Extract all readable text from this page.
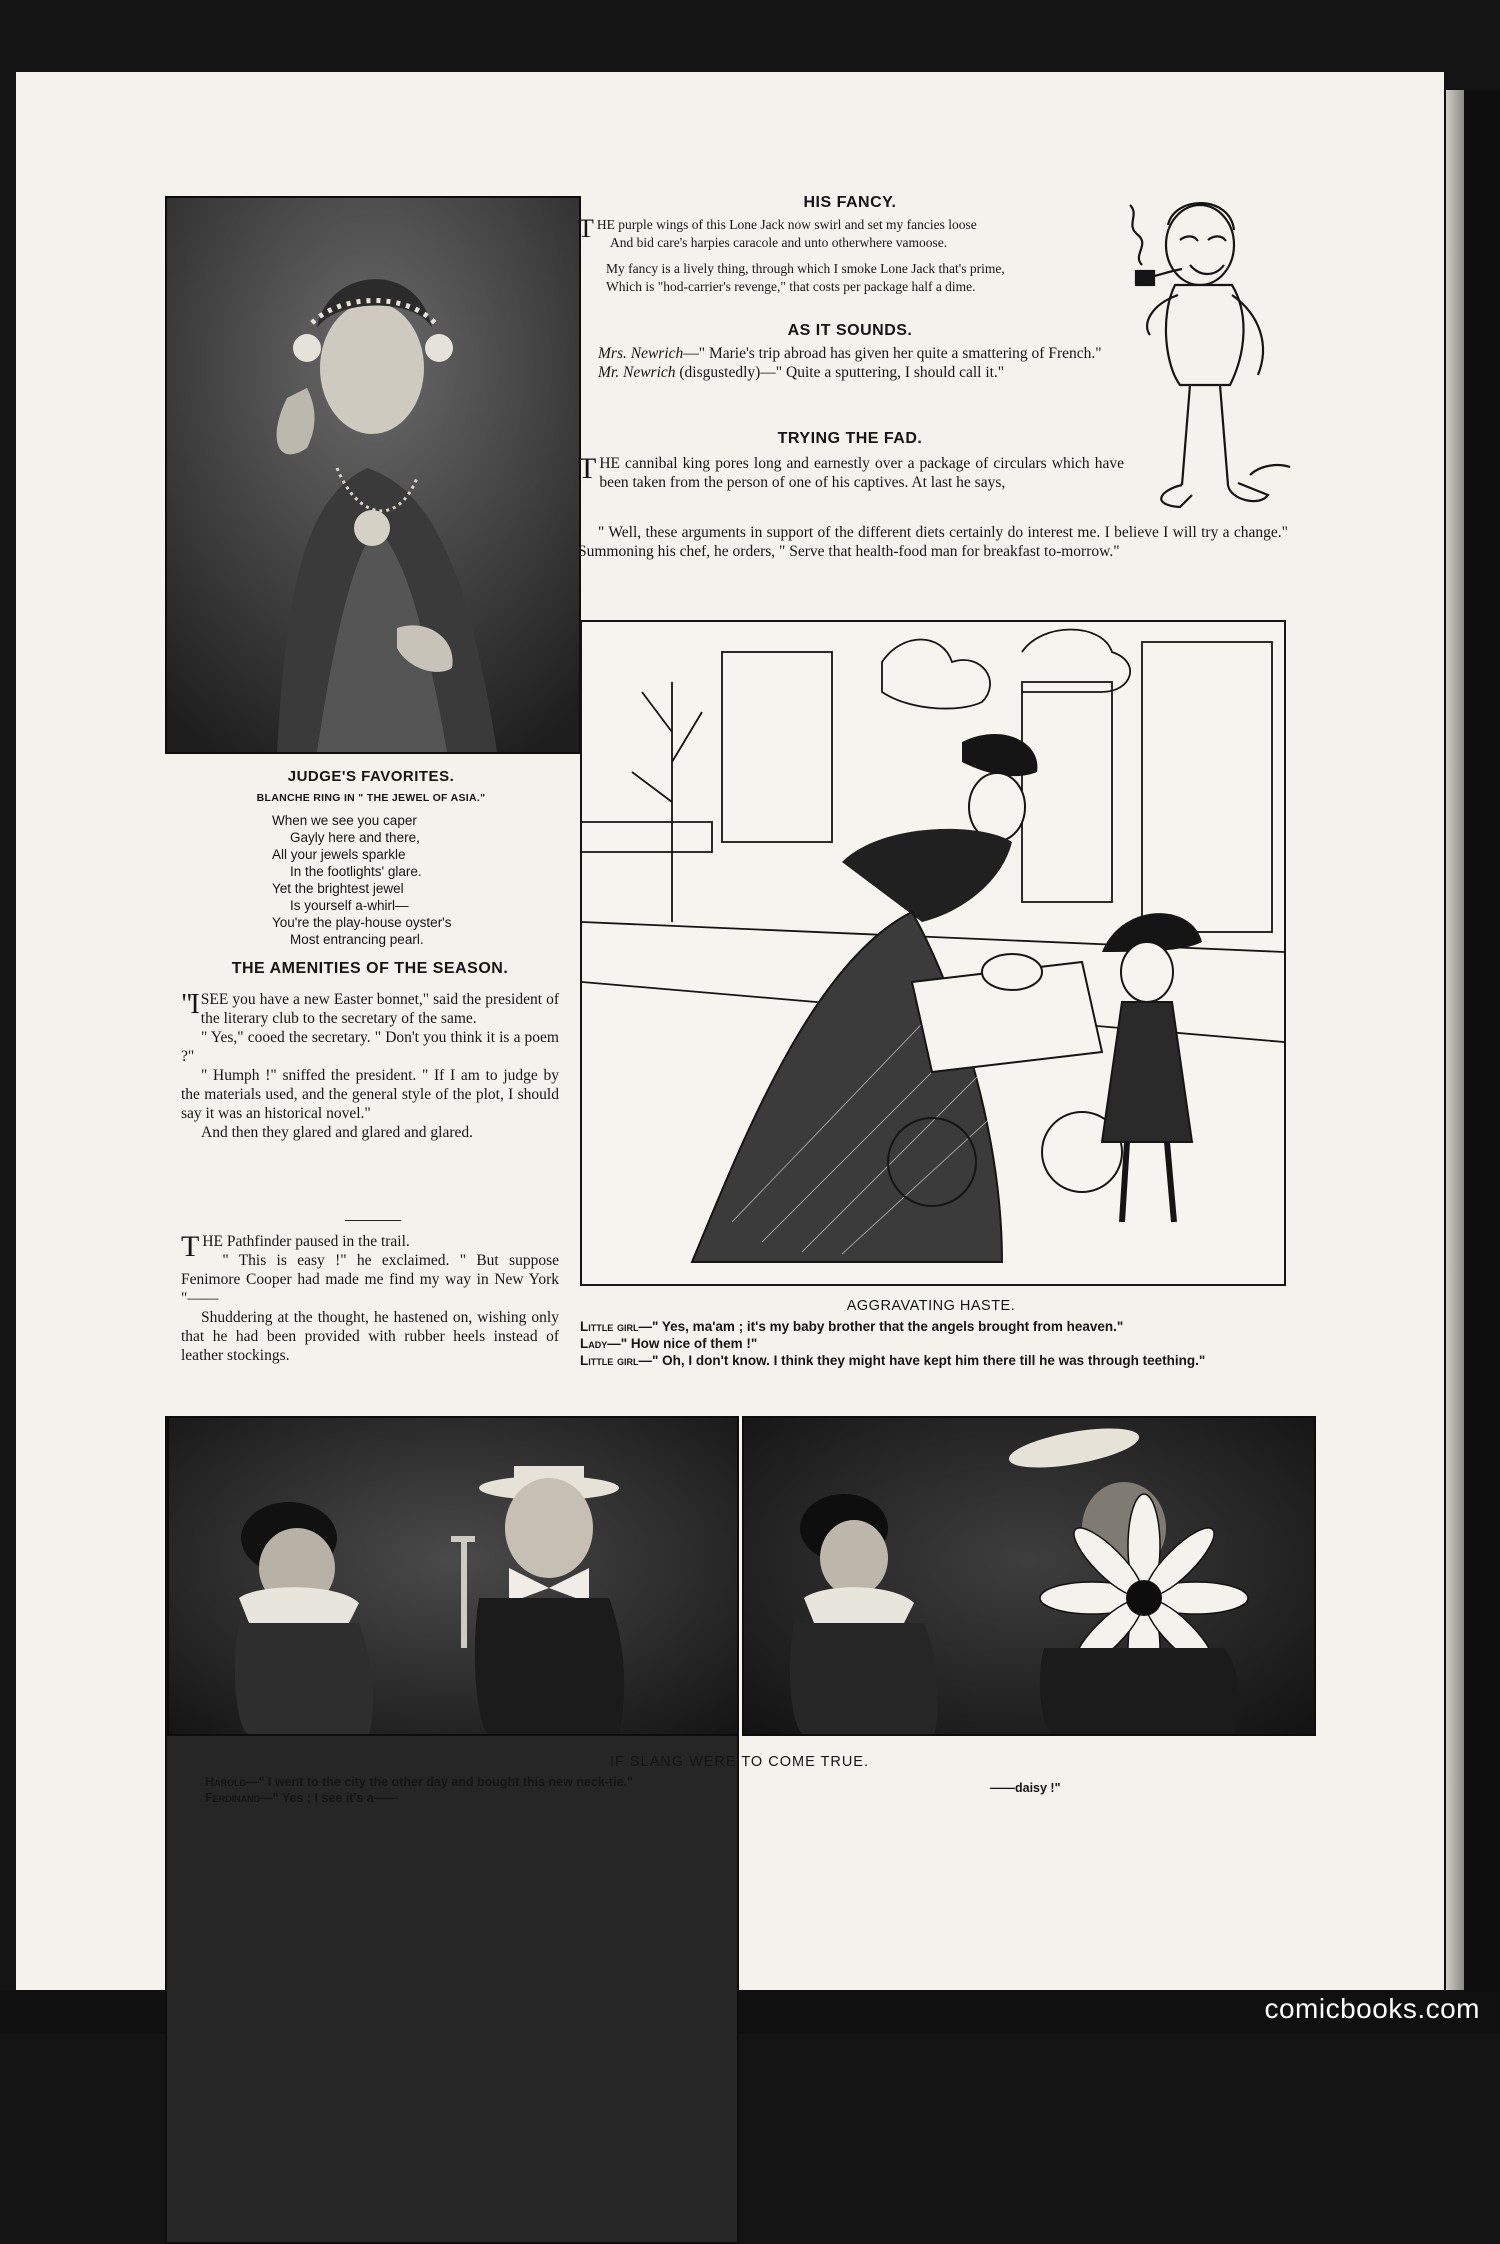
JUDGE'S FAVORITES.
BLANCHE RING IN " THE JEWEL OF ASIA."
When we see you caper
Gayly here and there,
All your jewels sparkle
In the footlights' glare.
Yet the brightest jewel
Is yourself a-whirl—
You're the play-house oyster's
Most entrancing pearl.
THE AMENITIES OF THE SEASON.

"ISEE you have a new Easter bonnet," said the president of the literary club to the secretary of the same.

" Yes," cooed the secretary. " Don't you think it is a poem ?"

" Humph !" sniffed the president. " If I am to judge by the materials used, and the general style of the plot, I should say it was an historical novel."

And then they glared and glared and glared.

THE Pathfinder paused in the trail.

" This is easy !" he exclaimed. " But suppose Fenimore Cooper had made me find my way in New York "——

Shuddering at the thought, he hastened on, wishing only that he had been provided with rubber heels instead of leather stockings.

HIS FANCY.
THE purple wings of this Lone Jack now swirl and set my fancies loose
And bid care's harpies caracole and unto otherwhere vamoose.
My fancy is a lively thing, through which I smoke Lone Jack that's prime,
Which is "hod-carrier's revenge," that costs per package half a dime.
AS IT SOUNDS.

Mrs. Newrich—" Marie's trip abroad has given her quite a smattering of French."

Mr. Newrich (disgustedly)—" Quite a sputtering, I should call it."

TRYING THE FAD.

THE cannibal king pores long and earnestly over a package of circulars which have been taken from the person of one of his captives. At last he says,

" Well, these arguments in support of the different diets certainly do interest me. I believe I will try a change." Summoning his chef, he orders, " Serve that health-food man for breakfast to-morrow."

AGGRAVATING HASTE.
Little girl—" Yes, ma'am ; it's my baby brother that the angels brought from heaven."
Lady—" How nice of them !"
Little girl—" Oh, I don't know. I think they might have kept him there till he was through teething."
IF SLANG WERE TO COME TRUE.
Harold—" I went to the city the other day and bought this new neck-tie."
Ferdinand—" Yes ; I see it's a——
——daisy !"
comicbooks.com
